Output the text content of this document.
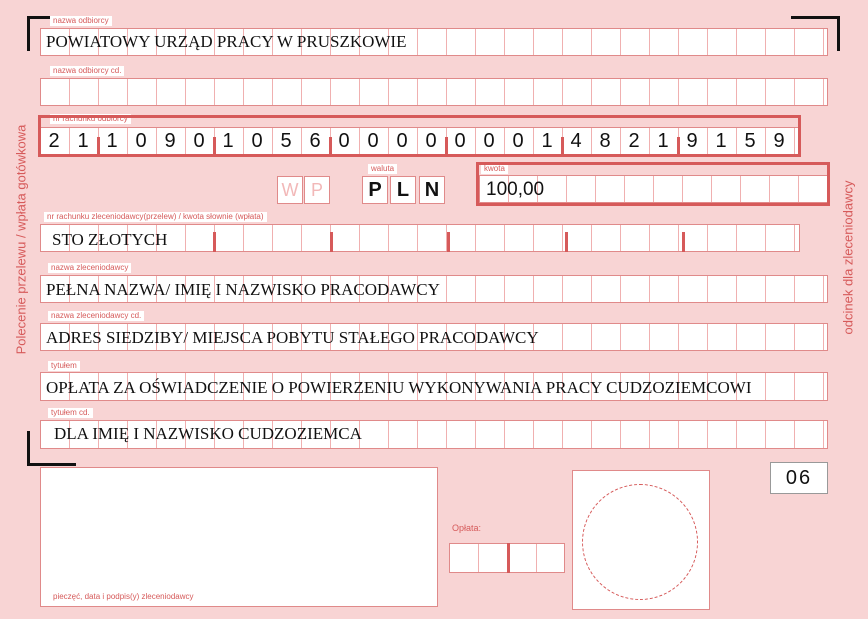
Polecenie przelewu / wpłata gotówkowa	odcinek dla zleceniodawcy
nazwa odbiorcy
POWIATOWY URZĄD PRACY W PRUSZKOWIE
nazwa odbiorcy cd.
nr rachunku odbiorcy
2 1 1 0 9 0 1 0 5 6 0 0 0 0 0 0 0 1 4 8 2 1 9 1 5 9
W P
waluta
P L N
kwota
100,00
nr rachunku zleceniodawcy(przelew) / kwota słownie (wpłata)
STO ZŁOTYCH
nazwa zleceniodawcy
PEŁNA NAZWA/ IMIĘ I NAZWISKO PRACODAWCY
nazwa zleceniodawcy cd.
ADRES SIEDZIBY/ MIEJSCA POBYTU STAŁEGO PRACODAWCY
tytułem
OPŁATA ZA OŚWIADCZENIE O POWIERZENIU WYKONYWANIA PRACY CUDZOZIEMCOWI
tytułem cd.
DLA IMIĘ I NAZWISKO CUDZOZIEMCA
06
pieczęć, data i podpis(y) zleceniodawcy
Opłata:
